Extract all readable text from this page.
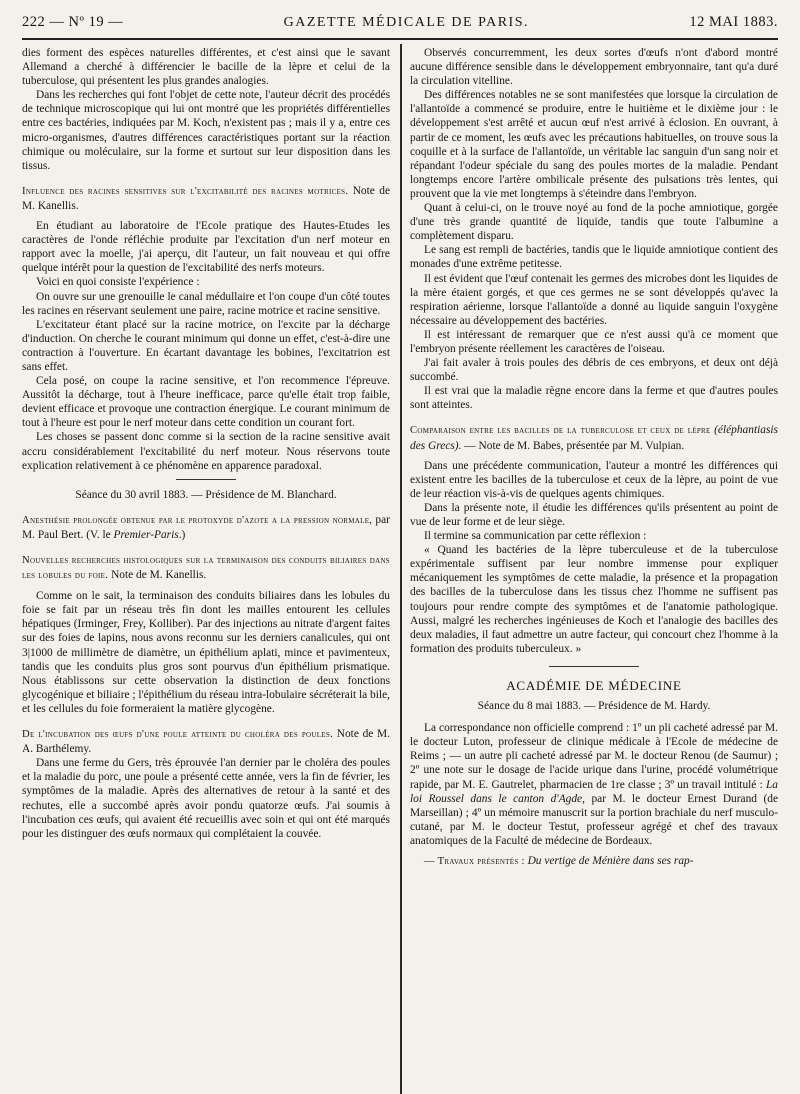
222 — Nº 19 —	GAZETTE MÉDICALE DE PARIS.	12 MAI 1883.

dies forment des espèces naturelles différentes, et c'est ainsi que le savant Allemand a cherché à différencier le bacille de la lèpre et celui de la tuberculose, qui présentent les plus grandes analogies.

Dans les recherches qui font l'objet de cette note, l'auteur décrit des procédés de technique microscopique qui lui ont montré que les propriétés différentielles entre ces bactéries, indiquées par M. Koch, n'existent pas ; mais il y a, entre ces micro-organismes, d'autres différences caractéristiques portant sur la réaction chimique ou moléculaire, sur la forme et surtout sur leur disposition dans les tissus.

Influence des racines sensitives sur l'excitabilité des racines motrices. Note de M. Kanellis.

En étudiant au laboratoire de l'Ecole pratique des Hautes-Etudes les caractères de l'onde réfléchie produite par l'excitation d'un nerf moteur en rapport avec la moelle, j'ai aperçu, dit l'auteur, un fait nouveau et qui offre quelque intérêt pour la question de l'excitabilité des nerfs moteurs.

Voici en quoi consiste l'expérience :

On ouvre sur une grenouille le canal médullaire et l'on coupe d'un côté toutes les racines en réservant seulement une paire, racine motrice et racine sensitive.

L'excitateur étant placé sur la racine motrice, on l'excite par la décharge d'induction. On cherche le courant minimum qui donne un effet, c'est-à-dire une contraction à l'ouverture. En écartant davantage les bobines, l'excitatrion est sans effet.

Cela posé, on coupe la racine sensitive, et l'on recommence l'épreuve. Aussitôt la décharge, tout à l'heure inefficace, parce qu'elle était trop faible, devient efficace et provoque une contraction énergique. Le courant minimum de tout à l'heure est pour le nerf moteur dans cette condition un courant fort.

Les choses se passent donc comme si la section de la racine sensitive avait accru considérablement l'excitabilité du nerf moteur. Nous réservons toute explication relativement à ce phénomène en apparence paradoxal.

Séance du 30 avril 1883. — Présidence de M. Blanchard.

Anesthésie prolongée obtenue par le protoxyde d'azote a la pression normale, par M. Paul Bert. (V. le Premier-Paris.)

Nouvelles recherches histologiques sur la terminaison des conduits biliaires dans les lobules du foie. Note de M. Kanellis.

Comme on le sait, la terminaison des conduits biliaires dans les lobules du foie se fait par un réseau très fin dont les mailles entourent les cellules hépatiques (Irminger, Frey, Kolliber). Par des injections au nitrate d'argent faites sur des foies de lapins, nous avons reconnu sur les derniers canalicules, qui ont 3|1000 de millimètre de diamètre, un épithélium aplati, mince et pavimenteux, tandis que les conduits plus gros sont pourvus d'un épithélium prismatique. Nous établissons sur cette observation la distinction de deux fonctions glycogénique et biliaire ; l'épithélium du réseau intra-lobulaire sécréterait la bile, et les cellules du foie formeraient la matière glycogène.

De l'incubation des œufs d'une poule atteinte du choléra des poules. Note de M. A. Barthélemy.

Dans une ferme du Gers, très éprouvée l'an dernier par le choléra des poules et la maladie du porc, une poule a présenté cette année, vers la fin de février, les symptômes de la maladie. Après des alternatives de retour à la santé et des rechutes, elle a succombé après avoir pondu quatorze œufs. J'ai soumis à l'incubation ces œufs, qui avaient été recueillis avec soin et qui ont été marqués pour les distinguer des œufs normaux qui complétaient la couvée.

Observés concurremment, les deux sortes d'œufs n'ont d'abord montré aucune différence sensible dans le développement embryonnaire, tant qu'a duré la circulation vitelline.

Des différences notables ne se sont manifestées que lorsque la circulation de l'allantoïde a commencé se produire, entre le huitième et le dixième jour : le développement s'est arrêté et aucun œuf n'est arrivé à éclosion. En ouvrant, à partir de ce moment, les œufs avec les précautions habituelles, on trouve sous la coquille et à la surface de l'allantoïde, un véritable lac sanguin d'un sang noir et répandant l'odeur spéciale du sang des poules mortes de la maladie. Pendant longtemps encore l'artère ombilicale présente des pulsations très lentes, qui prouvent que la vie met longtemps à s'éteindre dans l'embryon.

Quant à celui-ci, on le trouve noyé au fond de la poche amniotique, gorgée d'une très grande quantité de liquide, tandis que toute l'albumine a complètement disparu.

Le sang est rempli de bactéries, tandis que le liquide amniotique contient des monades d'une extrême petitesse.

Il est évident que l'œuf contenait les germes des microbes dont les liquides de la mère étaient gorgés, et que ces germes ne se sont développés qu'avec la respiration aérienne, lorsque l'allantoïde a donné au liquide sanguin l'oxygène nécessaire au développement des bactéries.

Il est intéressant de remarquer que ce n'est aussi qu'à ce moment que l'embryon présente réellement les caractères de l'oiseau.

J'ai fait avaler à trois poules des débris de ces embryons, et deux ont déjà succombé.

Il est vrai que la maladie règne encore dans la ferme et que d'autres poules sont atteintes.

Comparaison entre les bacilles de la tuberculose et ceux de lèpre (éléphantiasis des Grecs). — Note de M. Babes, présentée par M. Vulpian.

Dans une précédente communication, l'auteur a montré les différences qui existent entre les bacilles de la tuberculose et ceux de la lèpre, au point de vue de leur réaction vis-à-vis de quelques agents chimiques.

Dans la présente note, il étudie les différences qu'ils présentent au point de vue de leur forme et de leur siège.

Il termine sa communication par cette réflexion :

« Quand les bactéries de la lèpre tuberculeuse et de la tuberculose expérimentale suffisent par leur nombre immense pour expliquer mécaniquement les symptômes de cette maladie, la présence et la propagation des bacilles de la tuberculose dans les tissus chez l'homme ne suffisent pas toujours pour rendre compte des symptômes et de l'anatomie pathologique. Aussi, malgré les recherches ingénieuses de Koch et l'analogie des bacilles des deux maladies, il faut admettre un autre facteur, qui concourt chez l'homme à la formation des produits tuberculeux. »

ACADÉMIE DE MÉDECINE

Séance du 8 mai 1883. — Présidence de M. Hardy.

La correspondance non officielle comprend : 1º un pli cacheté adressé par M. le docteur Luton, professeur de clinique médicale à l'Ecole de médecine de Reims ; — un autre pli cacheté adressé par M. le docteur Renou (de Saumur) ; 2º une note sur le dosage de l'acide urique dans l'urine, procédé volumétrique rapide, par M. E. Gautrelet, pharmacien de 1re classe ; 3º un travail intitulé : La loi Roussel dans le canton d'Agde, par M. le docteur Ernest Durand (de Marseillan) ; 4º un mémoire manuscrit sur la portion brachiale du nerf musculo-cutané, par M. le docteur Testut, professeur agrégé et chef des travaux anatomiques de la Faculté de médecine de Bordeaux.

— Travaux présentés : Du vertige de Ménière dans ses rap-
